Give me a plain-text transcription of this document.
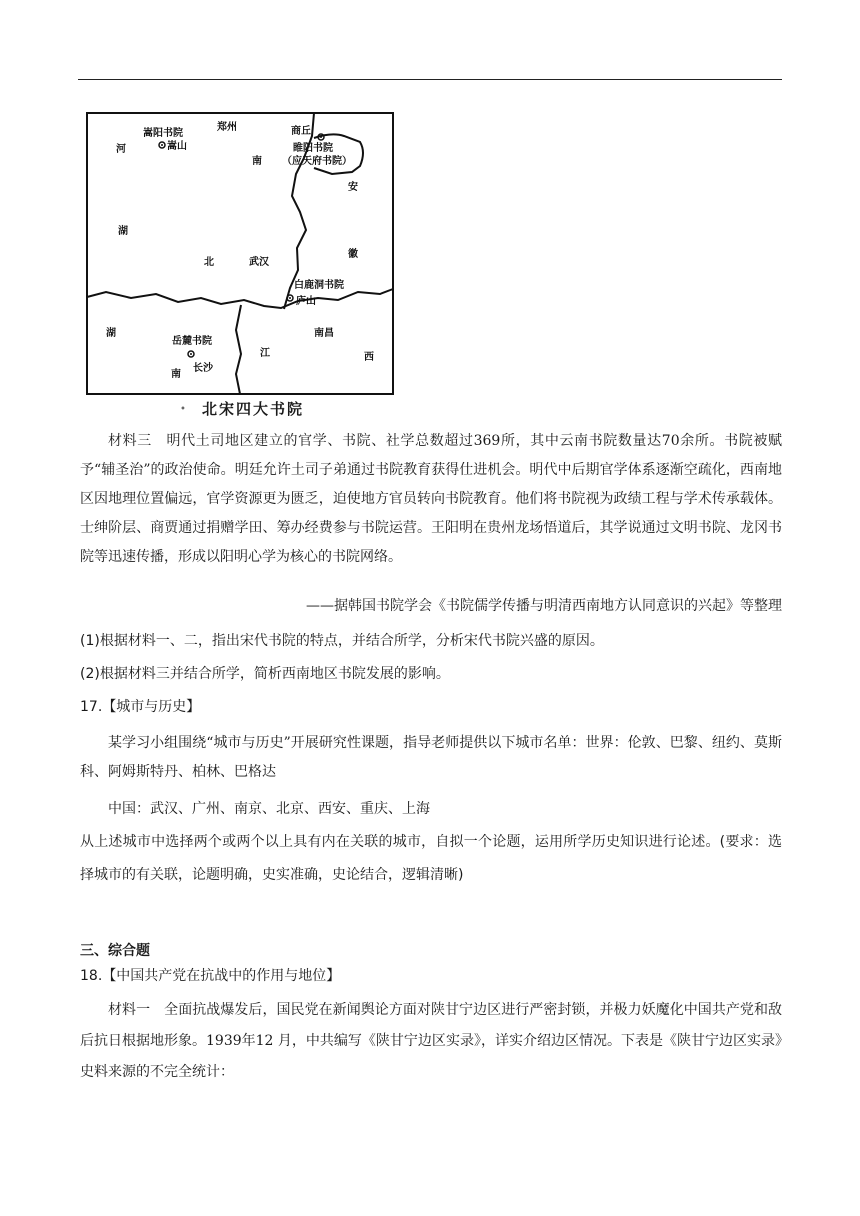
嵩阳书院
嵩山
郑州	商丘
睢阳书院
（应天府书院）
河
南
安
湖
北	武汉
徽
白鹿洞书院
庐山
湖
岳麓书院
长沙
南
江
南昌
西
• 北宋四大书院

材料三　明代土司地区建立的官学、书院、社学总数超过369所，其中云南书院数量达70余所。书院被赋予“辅圣治”的政治使命。明廷允许土司子弟通过书院教育获得仕进机会。明代中后期官学体系逐渐空疏化，西南地区因地理位置偏远，官学资源更为匮乏，迫使地方官员转向书院教育。他们将书院视为政绩工程与学术传承载体。士绅阶层、商贾通过捐赠学田、筹办经费参与书院运营。王阳明在贵州龙场悟道后，其学说通过文明书院、龙冈书院等迅速传播，形成以阳明心学为核心的书院网络。

——据韩国书院学会《书院儒学传播与明清西南地方认同意识的兴起》等整理
(1)根据材料一、二，指出宋代书院的特点，并结合所学，分析宋代书院兴盛的原因。
(2)根据材料三并结合所学，简析西南地区书院发展的影响。
17.【城市与历史】

某学习小组围绕“城市与历史”开展研究性课题，指导老师提供以下城市名单：世界：伦敦、巴黎、纽约、莫斯科、阿姆斯特丹、柏林、巴格达

中国：武汉、广州、南京、北京、西安、重庆、上海

从上述城市中选择两个或两个以上具有内在关联的城市，自拟一个论题，运用所学历史知识进行论述。(要求：选择城市的有关联，论题明确，史实准确，史论结合，逻辑清晰)

三、综合题
18.【中国共产党在抗战中的作用与地位】

材料一　全面抗战爆发后，国民党在新闻舆论方面对陕甘宁边区进行严密封锁，并极力妖魔化中国共产党和敌后抗日根据地形象。1939年12 月，中共编写《陕甘宁边区实录》，详实介绍边区情况。下表是《陕甘宁边区实录》史料来源的不完全统计：
